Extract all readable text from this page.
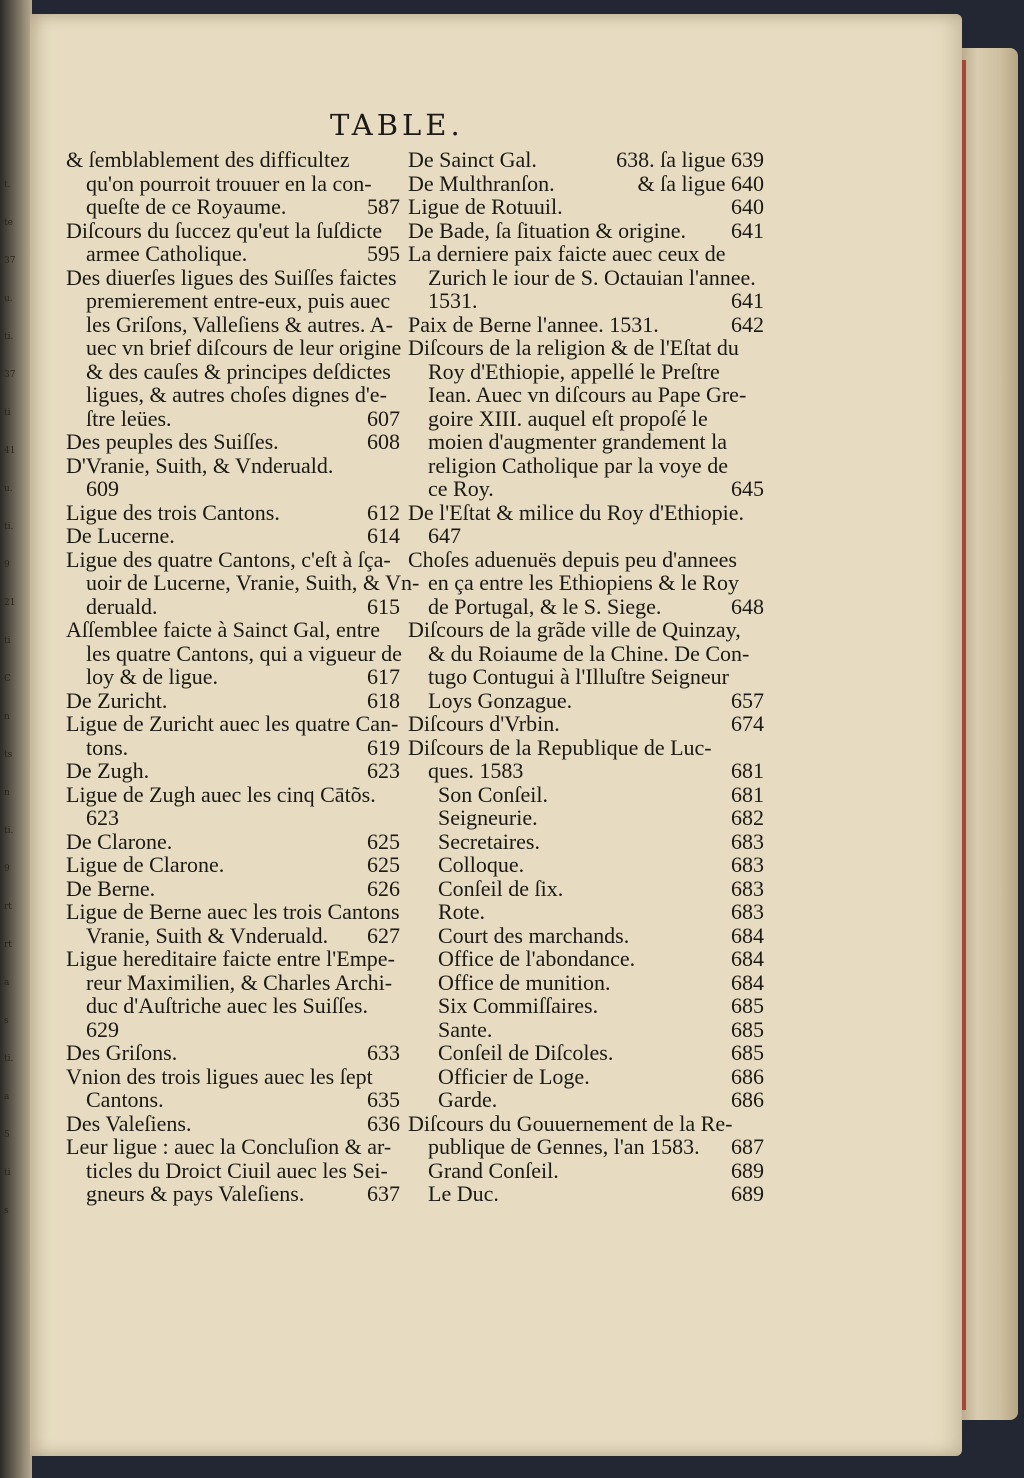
t.
te
37
u.
ti.
37
ti
41
u.
ti.
9
21
ti
C
n
ts
n
ti.
9
rt
rt
a
s
ti.
a
5
ti
s
TABLE.
& ſemblablement des difficultez
qu'on pourroit trouuer en la con-
queſte de ce Royaume.	587
Diſcours du ſuccez qu'eut la ſuſdicte
armee Catholique.	595
Des diuerſes ligues des Suiſſes faictes
premierement entre-eux, puis auec
les Griſons, Valleſiens & autres. A-
uec vn brief diſcours de leur origine
& des cauſes & principes deſdictes
ligues, & autres choſes dignes d'e-
ſtre leües.	607
Des peuples des Suiſſes.	608
D'Vranie, Suith, & Vnderuald.
609
Ligue des trois Cantons.	612
De Lucerne.	614
Ligue des quatre Cantons, c'eſt à ſça-
uoir de Lucerne, Vranie, Suith, & Vn-
deruald.	615
Aſſemblee faicte à Sainct Gal, entre
les quatre Cantons, qui a vigueur de
loy & de ligue.	617
De Zuricht.	618
Ligue de Zuricht auec les quatre Can-
tons.	619
De Zugh.	623
Ligue de Zugh auec les cinq Cātõs.
623
De Clarone.	625
Ligue de Clarone.	625
De Berne.	626
Ligue de Berne auec les trois Cantons
Vranie, Suith & Vnderuald. 627
Ligue hereditaire faicte entre l'Empe-
reur Maximilien, & Charles Archi-
duc d'Auſtriche auec les Suiſſes.
629
Des Griſons.	633
Vnion des trois ligues auec les ſept
Cantons.	635
Des Valeſiens.	636
Leur ligue : auec la Concluſion & ar-
ticles du Droict Ciuil auec les Sei-
gneurs & pays Valeſiens.	637
De Sainct Gal.	638. ſa ligue 639
De Multhranſon.	& ſa ligue 640
Ligue de Rotuuil.	640
De Bade, ſa ſituation & origine. 641
La derniere paix faicte auec ceux de
Zurich le iour de S. Octauian l'annee.
1531.	641
Paix de Berne l'annee. 1531.	642
Diſcours de la religion & de l'Eſtat du
Roy d'Ethiopie, appellé le Preſtre
Iean. Auec vn diſcours au Pape Gre-
goire XIII. auquel eſt propoſé le
moien d'augmenter grandement la
religion Catholique par la voye de
ce Roy.	645
De l'Eſtat & milice du Roy d'Ethiopie.
647
Choſes aduenuës depuis peu d'annees
en ça entre les Ethiopiens & le Roy
de Portugal, & le S. Siege.	648
Diſcours de la grãde ville de Quinzay,
& du Roiaume de la Chine. De Con-
tugo Contugui à l'Illuſtre Seigneur
Loys Gonzague.	657
Diſcours d'Vrbin.	674
Diſcours de la Republique de Luc-
ques. 1583	681
Son Conſeil.	681
Seigneurie.	682
Secretaires.	683
Colloque.	683
Conſeil de ſix.	683
Rote.	683
Court des marchands.	684
Office de l'abondance.	684
Office de munition.	684
Six Commiſſaires.	685
Sante.	685
Conſeil de Diſcoles.	685
Officier de Loge.	686
Garde.	686
Diſcours du Gouuernement de la Re-
publique de Gennes, l'an 1583. 687
Grand Conſeil.	689
Le Duc.	689
